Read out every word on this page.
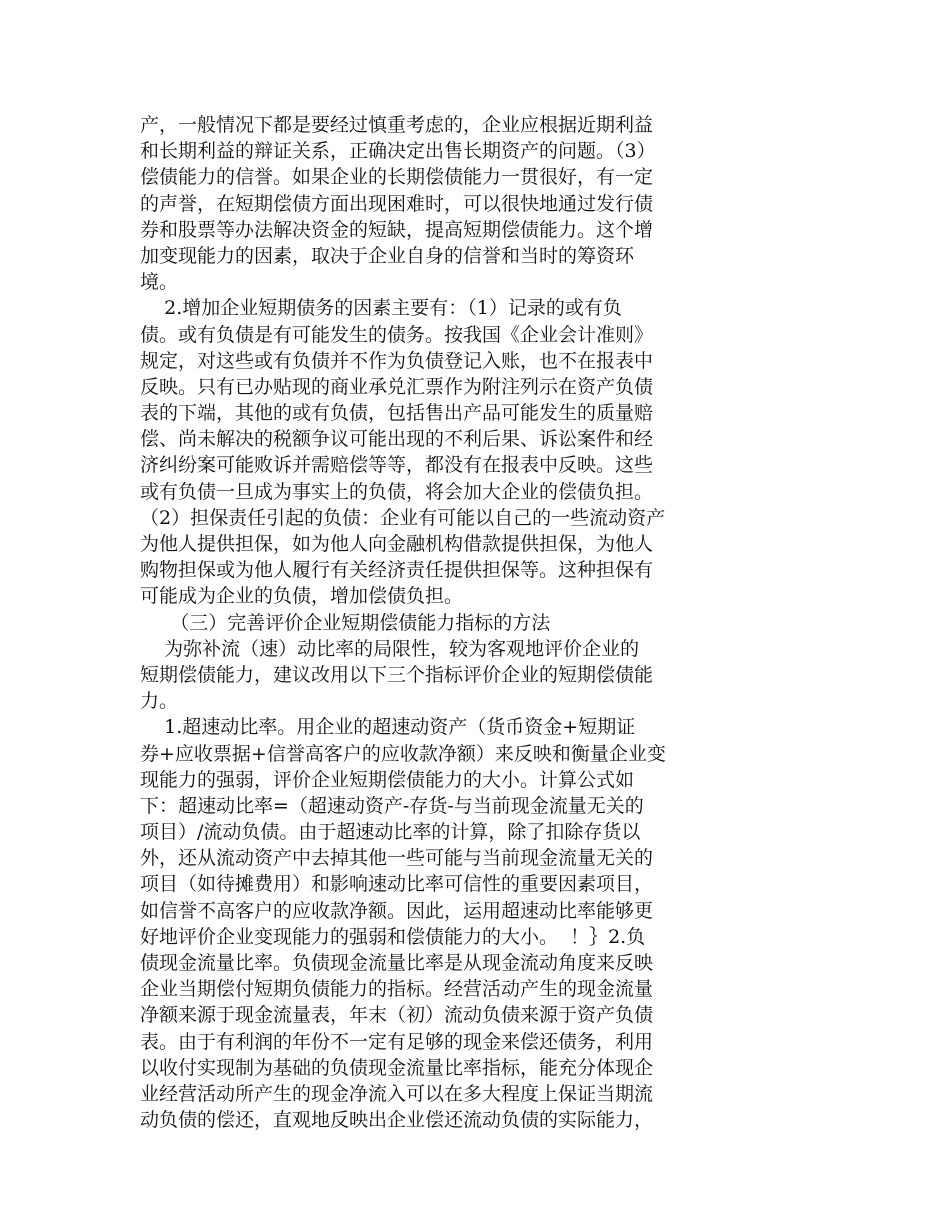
产，一般情况下都是要经过慎重考虑的，企业应根据近期利益
和长期利益的辩证关系，正确决定出售长期资产的问题。（3）
偿债能力的信誉。如果企业的长期偿债能力一贯很好，有一定
的声誉，在短期偿债方面出现困难时，可以很快地通过发行债
券和股票等办法解决资金的短缺，提高短期偿债能力。这个增
加变现能力的因素，取决于企业自身的信誉和当时的筹资环
境。
2.增加企业短期债务的因素主要有：（1）记录的或有负
债。或有负债是有可能发生的债务。按我国《企业会计准则》
规定，对这些或有负债并不作为负债登记入账，也不在报表中
反映。只有已办贴现的商业承兑汇票作为附注列示在资产负债
表的下端，其他的或有负债，包括售出产品可能发生的质量赔
偿、尚未解决的税额争议可能出现的不利后果、诉讼案件和经
济纠纷案可能败诉并需赔偿等等，都没有在报表中反映。这些
或有负债一旦成为事实上的负债，将会加大企业的偿债负担。
（2）担保责任引起的负债：企业有可能以自己的一些流动资产
为他人提供担保，如为他人向金融机构借款提供担保，为他人
购物担保或为他人履行有关经济责任提供担保等。这种担保有
可能成为企业的负债，增加偿债负担。
（三）完善评价企业短期偿债能力指标的方法
为弥补流（速）动比率的局限性，较为客观地评价企业的
短期偿债能力，建议改用以下三个指标评价企业的短期偿债能
力。
1.超速动比率。用企业的超速动资产（货币资金+短期证
券+应收票据+信誉高客户的应收款净额）来反映和衡量企业变
现能力的强弱，评价企业短期偿债能力的大小。计算公式如
下：超速动比率=（超速动资产-存货-与当前现金流量无关的
项目）/流动负债。由于超速动比率的计算，除了扣除存货以
外，还从流动资产中去掉其他一些可能与当前现金流量无关的
项目（如待摊费用）和影响速动比率可信性的重要因素项目，
如信誉不高客户的应收款净额。因此，运用超速动比率能够更
好地评价企业变现能力的强弱和偿债能力的大小。  ！｝2.负
债现金流量比率。负债现金流量比率是从现金流动角度来反映
企业当期偿付短期负债能力的指标。经营活动产生的现金流量
净额来源于现金流量表，年末（初）流动负债来源于资产负债
表。由于有利润的年份不一定有足够的现金来偿还债务，利用
以收付实现制为基础的负债现金流量比率指标，能充分体现企
业经营活动所产生的现金净流入可以在多大程度上保证当期流
动负债的偿还，直观地反映出企业偿还流动负债的实际能力，
